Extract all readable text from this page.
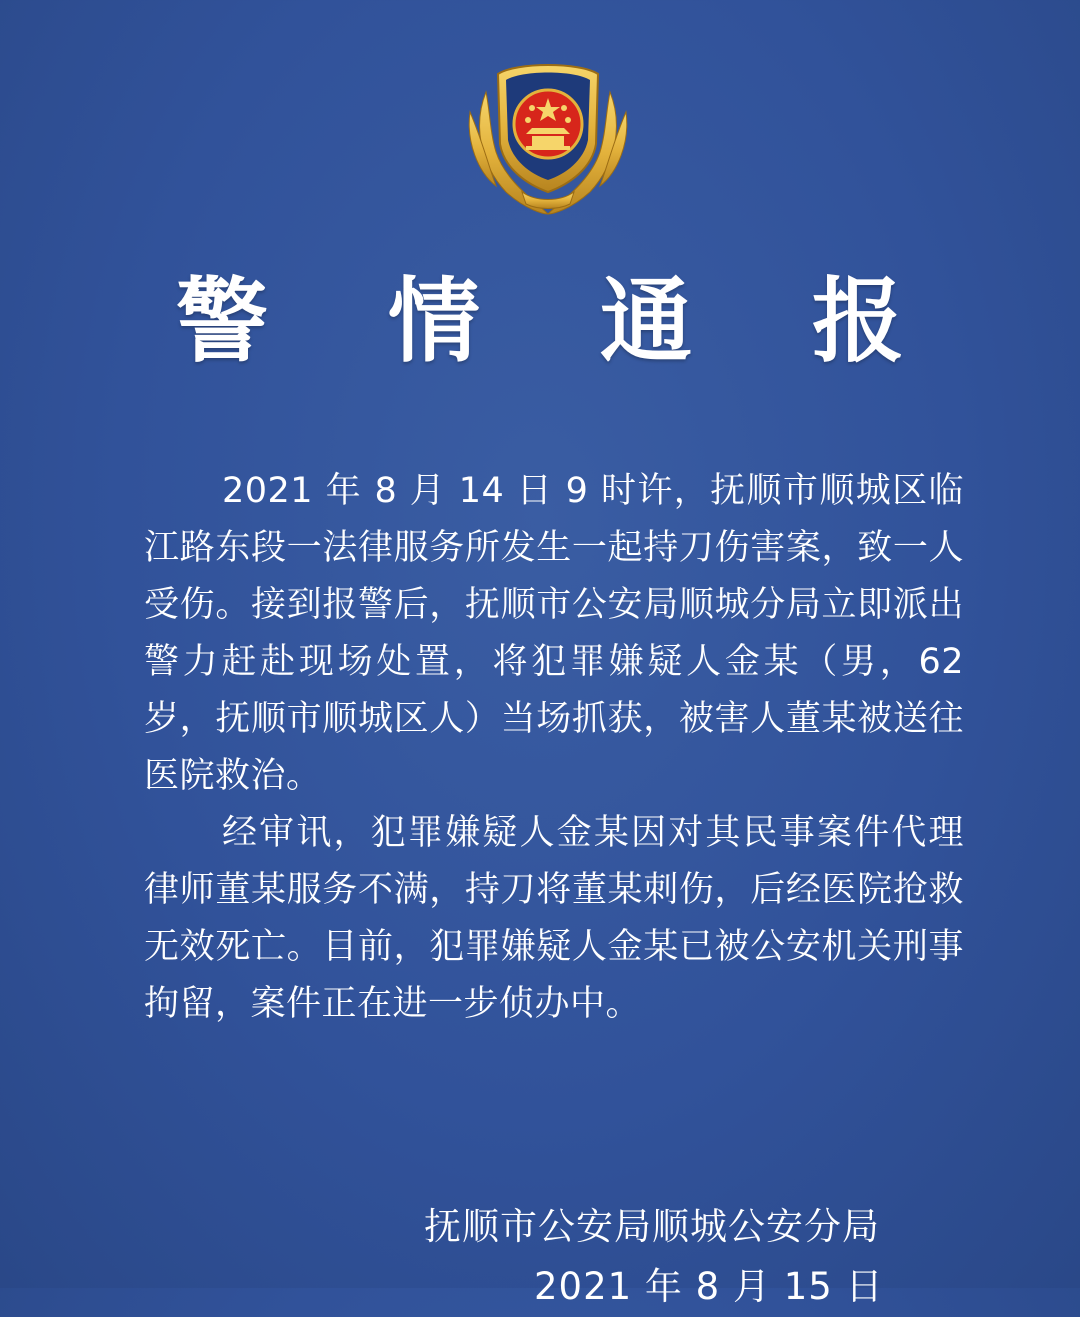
警 情 通 报

2021 年 8 月 14 日 9 时许，抚顺市顺城区临江路东段一法律服务所发生一起持刀伤害案，致一人受伤。接到报警后，抚顺市公安局顺城分局立即派出警力赶赴现场处置，将犯罪嫌疑人金某（男，62 岁，抚顺市顺城区人）当场抓获，被害人董某被送往医院救治。

经审讯，犯罪嫌疑人金某因对其民事案件代理律师董某服务不满，持刀将董某刺伤，后经医院抢救无效死亡。目前，犯罪嫌疑人金某已被公安机关刑事拘留，案件正在进一步侦办中。

抚顺市公安局顺城公安分局
2021 年 8 月 15 日
